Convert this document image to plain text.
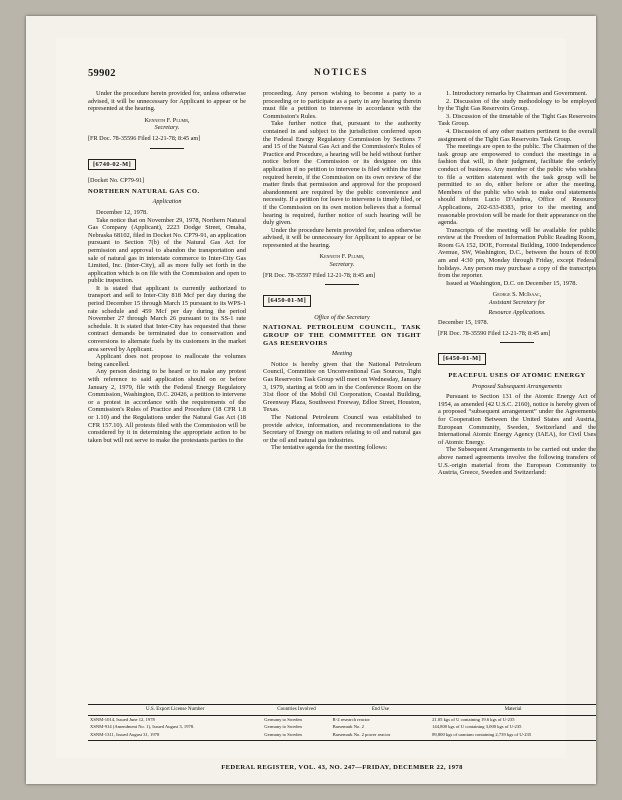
59902	NOTICES

Under the procedure herein provided for, unless otherwise advised, it will be unnecessary for Applicant to appear or be represented at the hearing.

Kenneth F. Plumb,
Secretary.

[FR Doc. 78-35596 Filed 12-21-78; 8:45 am]

[6740-02-M]

[Docket No. CP79-91]

NORTHERN NATURAL GAS CO.
Application

December 12, 1978.

Take notice that on November 29, 1978, Northern Natural Gas Company (Applicant), 2223 Dodge Street, Omaha, Nebraska 68102, filed in Docket No. CP79-91, an application pursuant to Section 7(b) of the Natural Gas Act for permission and approval to abandon the transportation and sale of natural gas in interstate commerce to Inter-City Gas Limited, Inc. (Inter-City), all as more fully set forth in the application which is on file with the Commission and open to public inspection.

It is stated that applicant is currently authorized to transport and sell to Inter-City 818 Mcf per day during the period December 15 through March 15 pursuant to its WPS-1 rate schedule and 459 Mcf per day during the period November 27 through March 26 pursuant to its SS-1 rate schedule. It is stated that Inter-City has requested that these contract demands be terminated due to conservation and conversions to alternate fuels by its customers in the market area served by Applicant.

Applicant does not propose to reallocate the volumes being cancelled.

Any person desiring to be heard or to make any protest with reference to said application should on or before January 2, 1979, file with the Federal Energy Regulatory Commission, Washington, D.C. 20426, a petition to intervene or a protest in accordance with the requirements of the Commission's Rules of Practice and Procedure (18 CFR 1.8 or 1.10) and the Regulations under the Natural Gas Act (18 CFR 157.10). All protests filed with the Commission will be considered by it in determining the appropriate action to be taken but will not serve to make the protestants parties to the

proceeding. Any person wishing to become a party to a proceeding or to participate as a party in any hearing therein must file a petition to intervene in accordance with the Commission's Rules.

Take further notice that, pursuant to the authority contained in and subject to the jurisdiction conferred upon the Federal Energy Regulatory Commission by Sections 7 and 15 of the Natural Gas Act and the Commission's Rules of Practice and Procedure, a hearing will be held without further notice before the Commission or its designee on this application if no petition to intervene is filed within the time required herein, if the Commission on its own review of the matter finds that permission and approval for the proposed abandonment are required by the public convenience and necessity. If a petition for leave to intervene is timely filed, or if the Commission on its own motion believes that a formal hearing is required, further notice of such hearing will be duly given.

Under the procedure herein provided for, unless otherwise advised, it will be unnecessary for Applicant to appear or be represented at the hearing.

Kenneth F. Plumb,
Secretary.

[FR Doc. 78-35597 Filed 12-21-78; 8:45 am]

[6450-01-M]
Office of the Secretary
NATIONAL PETROLEUM COUNCIL, TASK GROUP OF THE COMMITTEE ON TIGHT GAS RESERVOIRS
Meeting

Notice is hereby given that the National Petroleum Council, Committee on Unconventional Gas Sources, Tight Gas Reservoirs Task Group will meet on Wednesday, January 3, 1979, starting at 9:00 am in the Conference Room on the 31st floor of the Mobil Oil Corporation, Coastal Building, Greenway Plaza, Southwest Freeway, Edloe Street, Houston, Texas.

The National Petroleum Council was established to provide advice, information, and recommendations to the Secretary of Energy on matters relating to oil and natural gas or the oil and natural gas industries.

The tentative agenda for the meeting follows:

1. Introductory remarks by Chairman and Government.

2. Discussion of the study methodology to be employed by the Tight Gas Reservoirs Group.

3. Discussion of the timetable of the Tight Gas Reservoirs Task Group.

4. Discussion of any other matters pertinent to the overall assignment of the Tight Gas Reservoirs Task Group.

The meetings are open to the public. The Chairmen of the task group are empowered to conduct the meetings in a fashion that will, in their judgment, facilitate the orderly conduct of business. Any member of the public who wishes to file a written statement with the task group will be permitted to so do, either before or after the meeting. Members of the public who wish to make oral statements should inform Lucio D'Andrea, Office of Resource Applications, 202-633-8383, prior to the meeting and reasonable provision will be made for their appearance on the agenda.

Transcripts of the meeting will be available for public review at the Freedom of Information Public Reading Room, Room GA 152, DOE, Forrestal Building, 1000 Independence Avenue, SW, Washington, D.C., between the hours of 8:00 am and 4:30 pm, Monday through Friday, except Federal holidays. Any person may purchase a copy of the transcripts from the reporter.

Issued at Washington, D.C. on December 15, 1978.

George S. McIsaac,
Assistant Secretary for
Resource Applications.

December 15, 1978.

[FR Doc. 78-35590 Filed 12-21-78; 8:45 am]

[6450-01-M]
PEACEFUL USES OF ATOMIC ENERGY
Proposed Subsequent Arrangements

Pursuant to Section 131 of the Atomic Energy Act of 1954, as amended (42 U.S.C. 2160), notice is hereby given of a proposed “subsequent arrangement” under the Agreements for Cooperation Between the United States and Austria, European Community, Sweden, Switzerland and the International Atomic Energy Agency (IAEA), for Civil Uses of Atomic Energy.

The Subsequent Arrangements to be carried out under the above named agreements involve the following transfers of U.S.-origin material from the European Community to Austria, Greece, Sweden and Switzerland:

U.S. Export License Number	Countries Involved	End Use	Material
XSNM-1014, Issued June 12, 1978	Germany to Sweden	R-2 research reactor	21.05 kgs of U containing 19.6 kgs of U-235
XSNM-914 (Amendment No. 1), Issued August 3, 1978.	Germany to Sweden	Barsemark No. 2	144,800 kgs of U containing 3,000 kgs of U-235
XSNM-1311, Issued August 31, 1978	Germany to Sweden	Barsemark No. 2 power reactor	89,800 kgs of uranium containing 2,739 kgs of U-235
FEDERAL REGISTER, VOL. 43, NO. 247—FRIDAY, DECEMBER 22, 1978
